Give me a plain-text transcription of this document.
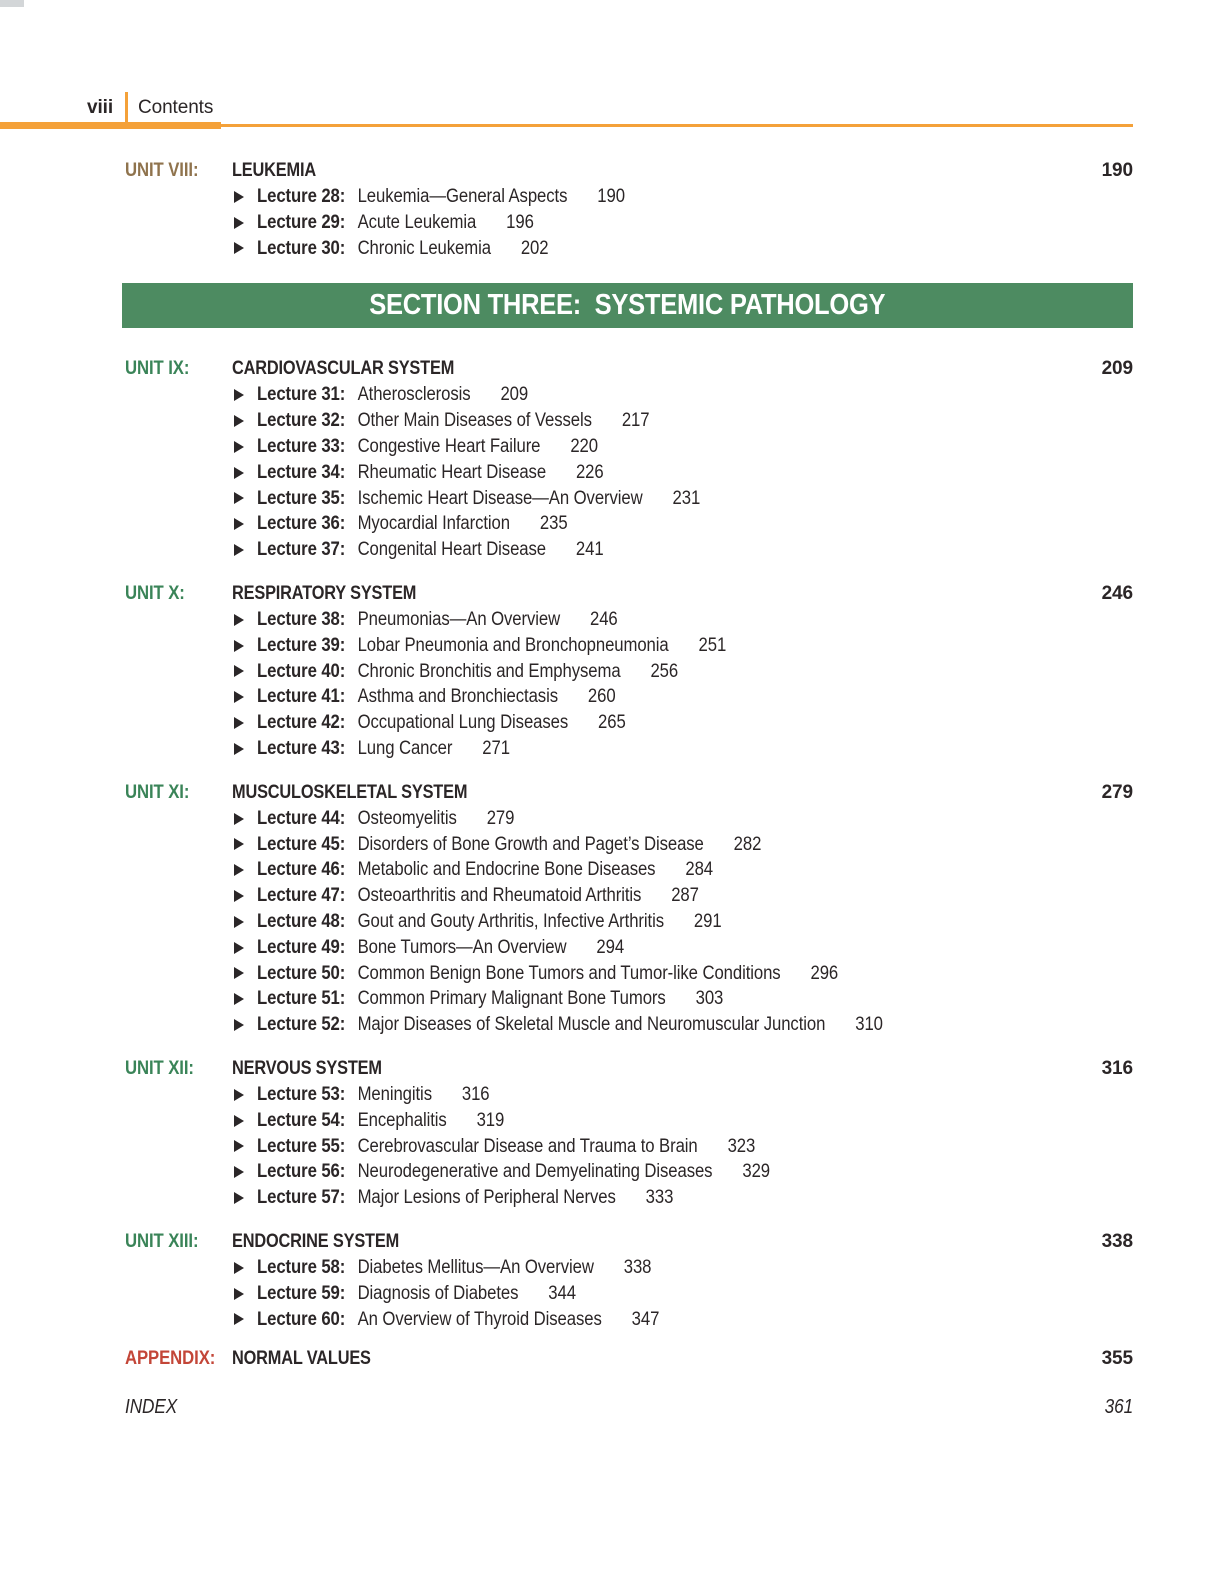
viii Contents
UNIT VIII:	LEUKEMIA	190
Lecture 28: Leukemia—General Aspects 190
Lecture 29: Acute Leukemia 196
Lecture 30: Chronic Leukemia 202
SECTION THREE:  SYSTEMIC PATHOLOGY
UNIT IX:	CARDIOVASCULAR SYSTEM	209
Lecture 31: Atherosclerosis 209
Lecture 32: Other Main Diseases of Vessels 217
Lecture 33: Congestive Heart Failure 220
Lecture 34: Rheumatic Heart Disease 226
Lecture 35: Ischemic Heart Disease—An Overview 231
Lecture 36: Myocardial Infarction 235
Lecture 37: Congenital Heart Disease 241
UNIT X:	RESPIRATORY SYSTEM	246
Lecture 38: Pneumonias—An Overview 246
Lecture 39: Lobar Pneumonia and Bronchopneumonia 251
Lecture 40: Chronic Bronchitis and Emphysema 256
Lecture 41: Asthma and Bronchiectasis 260
Lecture 42: Occupational Lung Diseases 265
Lecture 43: Lung Cancer 271
UNIT XI:	MUSCULOSKELETAL SYSTEM	279
Lecture 44: Osteomyelitis 279
Lecture 45: Disorders of Bone Growth and Paget’s Disease 282
Lecture 46: Metabolic and Endocrine Bone Diseases 284
Lecture 47: Osteoarthritis and Rheumatoid Arthritis 287
Lecture 48: Gout and Gouty Arthritis, Infective Arthritis 291
Lecture 49: Bone Tumors—An Overview 294
Lecture 50: Common Benign Bone Tumors and Tumor-like Conditions 296
Lecture 51: Common Primary Malignant Bone Tumors 303
Lecture 52: Major Diseases of Skeletal Muscle and Neuromuscular Junction 310
UNIT XII:	NERVOUS SYSTEM	316
Lecture 53: Meningitis 316
Lecture 54: Encephalitis 319
Lecture 55: Cerebrovascular Disease and Trauma to Brain 323
Lecture 56: Neurodegenerative and Demyelinating Diseases 329
Lecture 57: Major Lesions of Peripheral Nerves 333
UNIT XIII:	ENDOCRINE SYSTEM	338
Lecture 58: Diabetes Mellitus—An Overview 338
Lecture 59: Diagnosis of Diabetes 344
Lecture 60: An Overview of Thyroid Diseases 347
APPENDIX: NORMAL VALUES	355
INDEX	361
